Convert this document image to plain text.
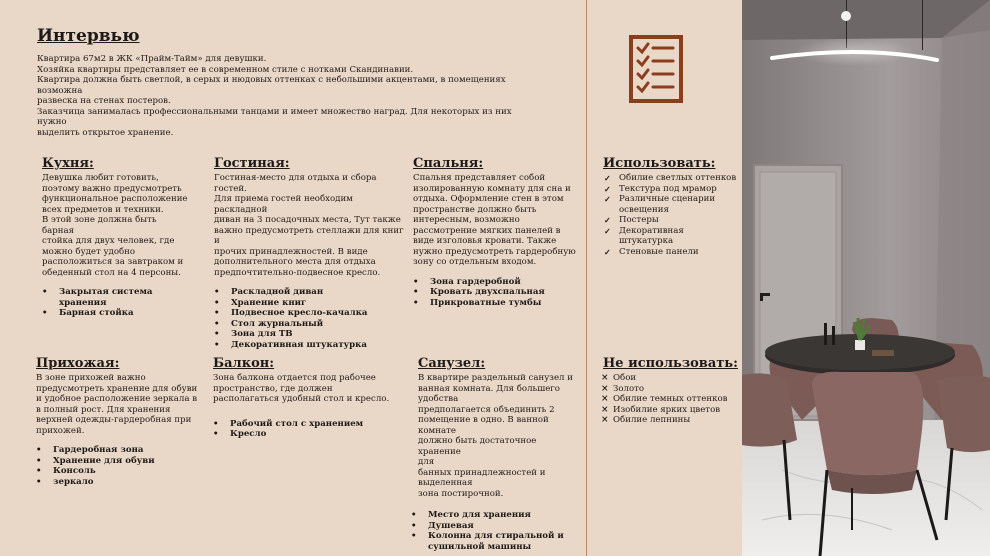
Интервью

Квартира 67м2 в ЖК «Прайм-Тайм» для девушки.

Хозяйка квартиры представляет ее в современном стиле с нотками Скандинавии.

Квартира должна быть светлой, в серых и нюдовых оттенках с небольшими акцентами, в помещениях возможна

развеска на стенах постеров.

Заказчица занималась профессиональными танцами и имеет множество наград. Для некоторых из них нужно

выделить открытое хранение.

Кухня:

Девушка любит готовить,

поэтому важно предусмотреть

функциональное расположение

всех предметов и техники.

В этой зоне должна быть

барная

стойка для двух человек, где

можно будет удобно

расположиться за завтраком и

обеденный стол на 4 персоны.

• Закрытая система хранения
• Барная стойка
Гостиная:

Гостиная-место для отдыха и сбора гостей.

Для приема гостей необходим раскладной

диван на 3 посадочных места, Тут также

важно предусмотреть стеллажи для книг и

прочих принадлежностей. В виде

дополнительного места для отдыха

предпочтительно-подвесное кресло.

• Раскладной диван
• Хранение книг
• Подвесное кресло-качалка
• Стол журнальный
• Зона для ТВ
• Декоративная штукатурка
Спальня:

Спальня представляет собой

изолированную комнату для сна и

отдыха. Оформление стен в этом

пространстве должно быть

интересным, возможно

рассмотрение мягких панелей в

виде изголовья кровати. Также

нужно предусмотреть гардеробную

зону со отдельным входом.

• Зона гардеробной
• Кровать двухспальная
• Прикроватные тумбы
Использовать:
✓ Обилие светлых оттенков
✓ Текстура под мрамор
✓ Различные сценарии освещения
✓ Постеры
✓ Декоративная штукатурка
✓ Стеновые панели
Прихожая:

В зоне прихожей важно

предусмотреть хранение для обуви

и удобное расположение зеркала в

в полный рост. Для хранения

верхней одежды-гардеробная при

прихожей.

• Гардеробная зона
• Хранение для обуви
• Консоль
• зеркало
Балкон:

Зона балкона отдается под рабочее

пространство, где должен

располагаться удобный стол и кресло.

• Рабочий стол с хранением
• Кресло
Санузел:

В квартире раздельный санузел и

ванная комната. Для большего

удобства

предполагается объединить 2

помещение в одно. В ванной комнате

должно быть достаточное хранение

для

банных принадлежностей и

выделенная

зона постирочной.

• Место для хранения
• Душевая
• Колонна для стиральной и сушильной машины
Не использовать:
× Обои
× Золото
× Обилие темных оттенков
× Изобилие ярких цветов
× Обилие лепнины
